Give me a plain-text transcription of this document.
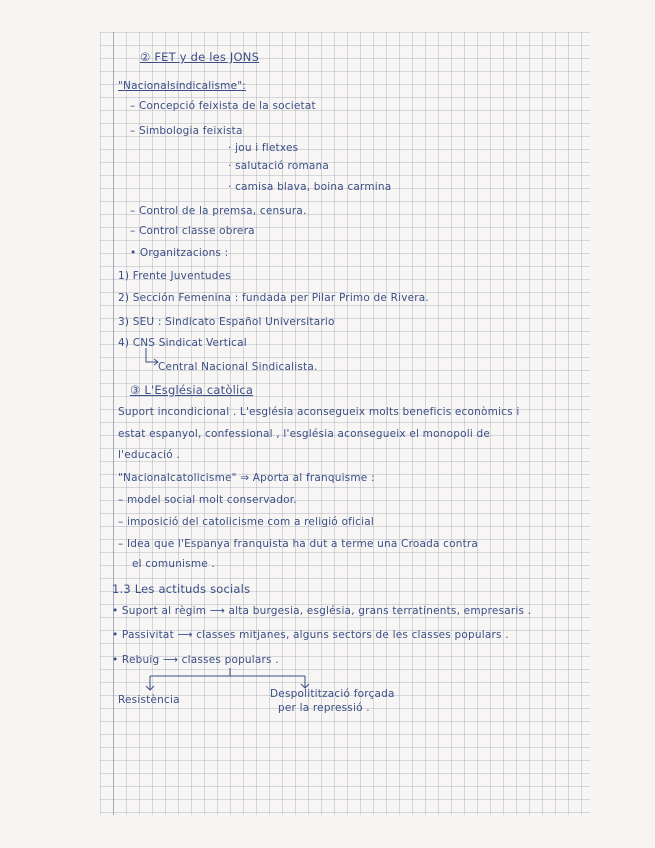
② FET y de les JONS
"Nacionalsindicalisme":
– Concepció feixista de la societat
– Simbologia feixista
· jou i fletxes
· salutació romana
· camisa blava, boina carmina
– Control de la premsa, censura.
– Control classe obrera
• Organitzacions :
1) Frente Juventudes
2) Sección Femenina : fundada per Pilar Primo de Rivera.
3) SEU : Sindicato Español Universitario
4) CNS Sindicat Vertical
Central Nacional Sindicalista.
③ L'Església catòlica
Suport incondicional . L'església aconsegueix molts beneficis econòmics i
estat espanyol, confessional , l'església aconsegueix el monopoli de
l'educació .
"Nacionalcatolicisme" ⇒ Aporta al franquisme :
– model social molt conservador.
– imposició del catolicisme com a religió oficial
– Idea que l'Espanya franquista ha dut a terme una Croada contra
el comunisme .
1.3 Les actituds socials
• Suport al règim ⟶ alta burgesia, església, grans terratinents, empresaris .
• Passivitat ⟶ classes mitjanes, alguns sectors de les classes populars .
• Rebuig ⟶ classes populars .
Resistència	Despolitització forçada
per la repressió .
